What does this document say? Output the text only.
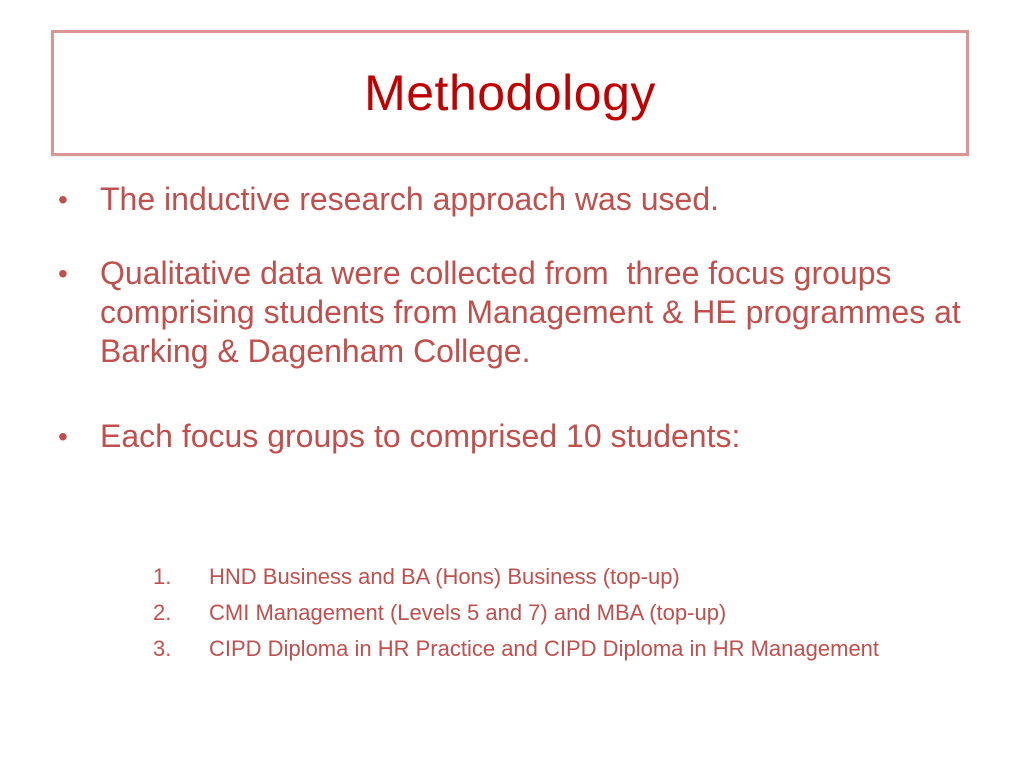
Methodology
• The inductive research approach was used.
• Qualitative data were collected from  three focus groups comprising students from Management & HE programmes at Barking & Dagenham College.
• Each focus groups to comprised 10 students:
1. HND Business and BA (Hons) Business (top-up)
2. CMI Management (Levels 5 and 7) and MBA (top-up)
3. CIPD Diploma in HR Practice and CIPD Diploma in HR Management
